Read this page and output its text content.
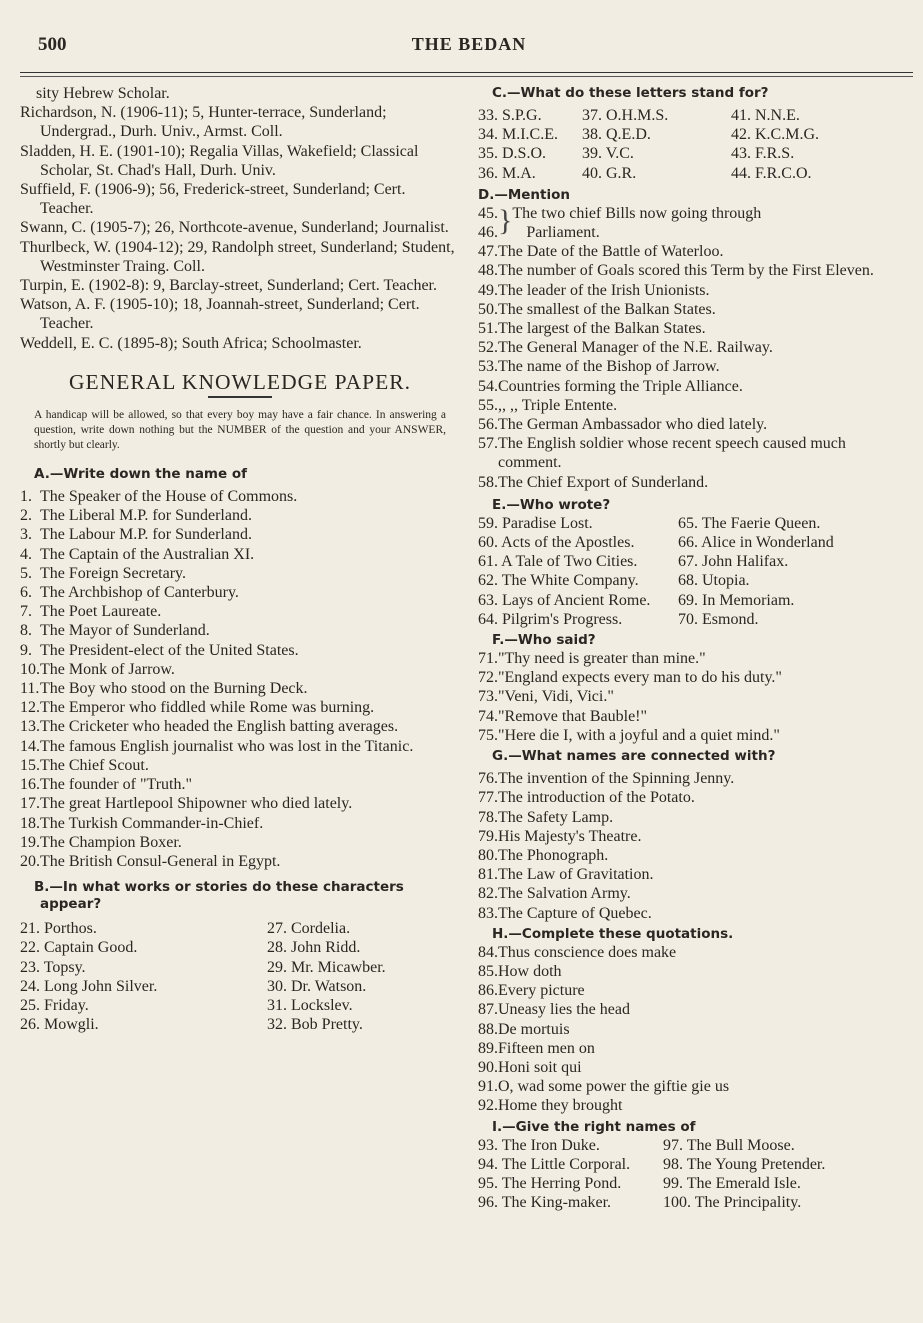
500	THE BEDAN

sity Hebrew Scholar.

Richardson, N. (1906-11); 5, Hunter-terrace, Sunderland; Undergrad., Durh. Univ., Armst. Coll.

Sladden, H. E. (1901-10); Regalia Villas, Wakefield; Classical Scholar, St. Chad's Hall, Durh. Univ.

Suffield, F. (1906-9); 56, Frederick-street, Sunderland; Cert. Teacher.

Swann, C. (1905-7); 26, Northcote-avenue, Sunderland; Journalist.

Thurlbeck, W. (1904-12); 29, Randolph street, Sunderland; Student, Westminster Traing. Coll.

Turpin, E. (1902-8): 9, Barclay-street, Sunderland; Cert. Teacher.

Watson, A. F. (1905-10); 18, Joannah-street, Sunderland; Cert. Teacher.

Weddell, E. C. (1895-8); South Africa; Schoolmaster.

GENERAL KNOWLEDGE PAPER.
A handicap will be allowed, so that every boy may have a fair chance. In answering a question, write down nothing but the NUMBER of the question and your ANSWER, shortly but clearly.
A.—Write down the name of
1. The Speaker of the House of Commons.
2. The Liberal M.P. for Sunderland.
3. The Labour M.P. for Sunderland.
4. The Captain of the Australian XI.
5. The Foreign Secretary.
6. The Archbishop of Canterbury.
7. The Poet Laureate.
8. The Mayor of Sunderland.
9. The President-elect of the United States.
10. The Monk of Jarrow.
11. The Boy who stood on the Burning Deck.
12. The Emperor who fiddled while Rome was burning.
13. The Cricketer who headed the English batting averages.
14. The famous English journalist who was lost in the Titanic.
15. The Chief Scout.
16. The founder of "Truth."
17. The great Hartlepool Shipowner who died lately.
18. The Turkish Commander-in-Chief.
19. The Champion Boxer.
20. The British Consul-General in Egypt.
B.—In what works or stories do these characters appear?
21. Porthos.	27. Cordelia.
22. Captain Good.	28. John Ridd.
23. Topsy.	29. Mr. Micawber.
24. Long John Silver.	30. Dr. Watson.
25. Friday.	31. Lockslev.
26. Mowgli.	32. Bob Pretty.
C.—What do these letters stand for?
33. S.P.G.	37. O.H.M.S.	41. N.N.E.
34. M.I.C.E.	38. Q.E.D.	42. K.C.M.G.
35. D.S.O.	39. V.C.	43. F.R.S.
36. M.A.	40. G.R.	44. F.R.C.O.
D.—Mention
45.
46. } The two chief Bills now going through
Parliament.
47. The Date of the Battle of Waterloo.
48. The number of Goals scored this Term by the First Eleven.
49. The leader of the Irish Unionists.
50. The smallest of the Balkan States.
51. The largest of the Balkan States.
52. The General Manager of the N.E. Railway.
53. The name of the Bishop of Jarrow.
54. Countries forming the Triple Alliance.
55. ,, ,, Triple Entente.
56. The German Ambassador who died lately.
57. The English soldier whose recent speech caused much comment.
58. The Chief Export of Sunderland.
E.—Who wrote?
59. Paradise Lost.	65. The Faerie Queen.
60. Acts of the Apostles.	66. Alice in Wonderland
61. A Tale of Two Cities.	67. John Halifax.
62. The White Company.	68. Utopia.
63. Lays of Ancient Rome.	69. In Memoriam.
64. Pilgrim's Progress.	70. Esmond.
F.—Who said?
71. "Thy need is greater than mine."
72. "England expects every man to do his duty."
73. "Veni, Vidi, Vici."
74. "Remove that Bauble!"
75. "Here die I, with a joyful and a quiet mind."
G.—What names are connected with?
76. The invention of the Spinning Jenny.
77. The introduction of the Potato.
78. The Safety Lamp.
79. His Majesty's Theatre.
80. The Phonograph.
81. The Law of Gravitation.
82. The Salvation Army.
83. The Capture of Quebec.
H.—Complete these quotations.
84. Thus conscience does make
85. How doth
86. Every picture
87. Uneasy lies the head
88. De mortuis
89. Fifteen men on
90. Honi soit qui
91. O, wad some power the giftie gie us
92. Home they brought
I.—Give the right names of
93. The Iron Duke.	97. The Bull Moose.
94. The Little Corporal.	98. The Young Pretender.
95. The Herring Pond.	99. The Emerald Isle.
96. The King-maker.	100. The Principality.
